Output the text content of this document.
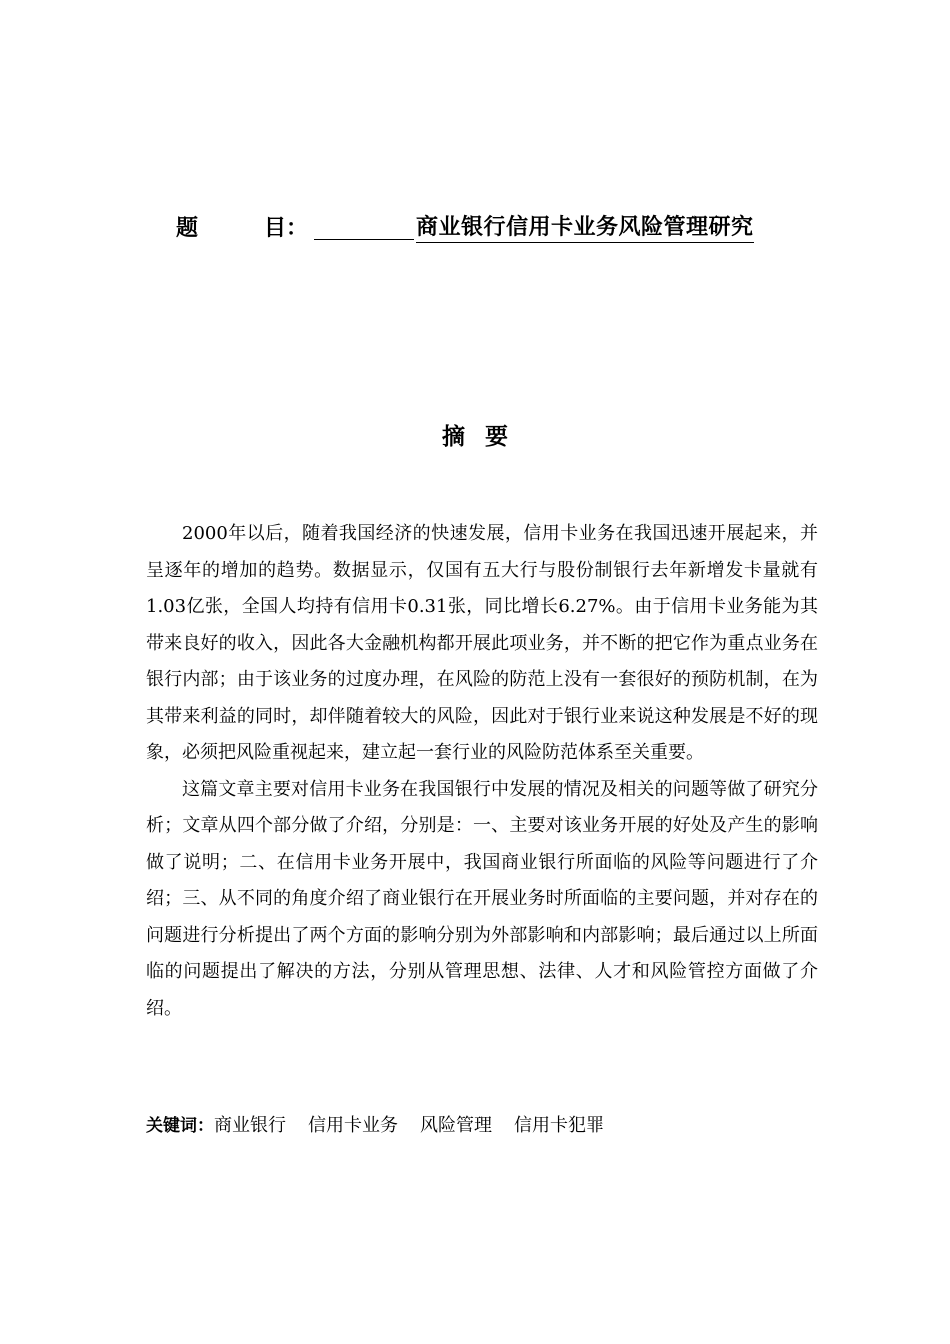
题	目：	商业银行信用卡业务风险管理研究
摘要

2000年以后，随着我国经济的快速发展，信用卡业务在我国迅速开展起来，并呈逐年的增加的趋势。数据显示，仅国有五大行与股份制银行去年新增发卡量就有1.03亿张，全国人均持有信用卡0.31张，同比增长6.27%。由于信用卡业务能为其带来良好的收入，因此各大金融机构都开展此项业务，并不断的把它作为重点业务在银行内部；由于该业务的过度办理，在风险的防范上没有一套很好的预防机制，在为其带来利益的同时，却伴随着较大的风险，因此对于银行业来说这种发展是不好的现象，必须把风险重视起来，建立起一套行业的风险防范体系至关重要。

这篇文章主要对信用卡业务在我国银行中发展的情况及相关的问题等做了研究分析；文章从四个部分做了介绍，分别是：一、主要对该业务开展的好处及产生的影响做了说明；二、在信用卡业务开展中，我国商业银行所面临的风险等问题进行了介绍；三、从不同的角度介绍了商业银行在开展业务时所面临的主要问题，并对存在的问题进行分析提出了两个方面的影响分别为外部影响和内部影响；最后通过以上所面临的问题提出了解决的方法，分别从管理思想、法律、人才和风险管控方面做了介绍。

关键词： 商业银行 信用卡业务 风险管理 信用卡犯罪
